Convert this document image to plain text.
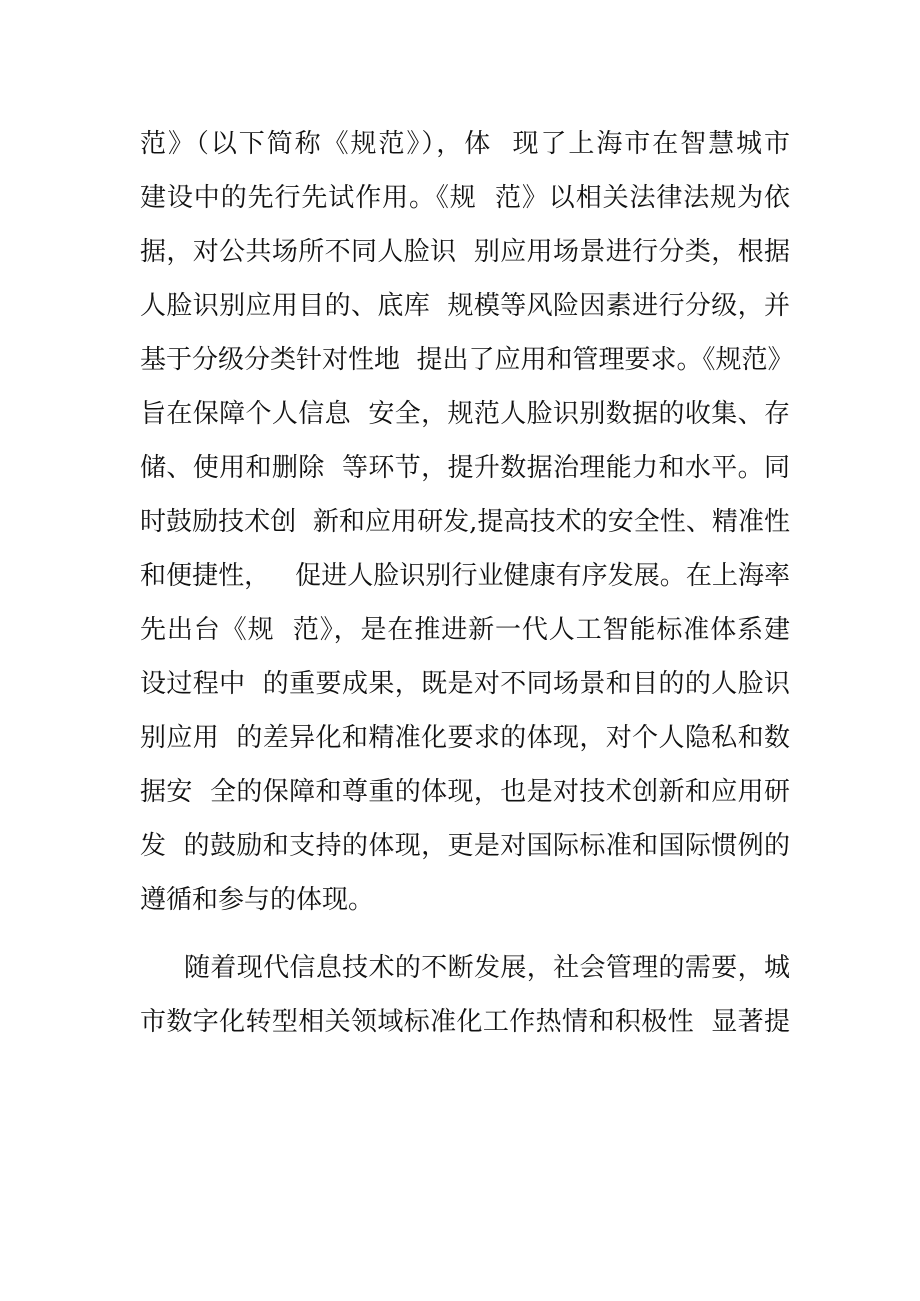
范》（以下简称《规范》），体  现了上海市在智慧城市
建设中的先行先试作用。《规  范》以相关法律法规为依
据，对公共场所不同人脸识  别应用场景进行分类，根据
人脸识别应用目的、底库  规模等风险因素进行分级，并
基于分级分类针对性地  提出了应用和管理要求。《规范》
旨在保障个人信息  安全，规范人脸识别数据的收集、存
储、使用和删除  等环节，提升数据治理能力和水平。同
时鼓励技术创  新和应用研发,提高技术的安全性、精准性
和便捷性，   促进人脸识别行业健康有序发展。在上海率
先出台《规  范》，是在推进新一代人工智能标准体系建
设过程中  的重要成果，既是对不同场景和目的的人脸识
别应用  的差异化和精准化要求的体现，对个人隐私和数
据安  全的保障和尊重的体现，也是对技术创新和应用研
发  的鼓励和支持的体现，更是对国际标准和国际惯例的
遵循和参与的体现。
随着现代信息技术的不断发展，社会管理的需要，城
市数字化转型相关领域标准化工作热情和积极性  显著提
